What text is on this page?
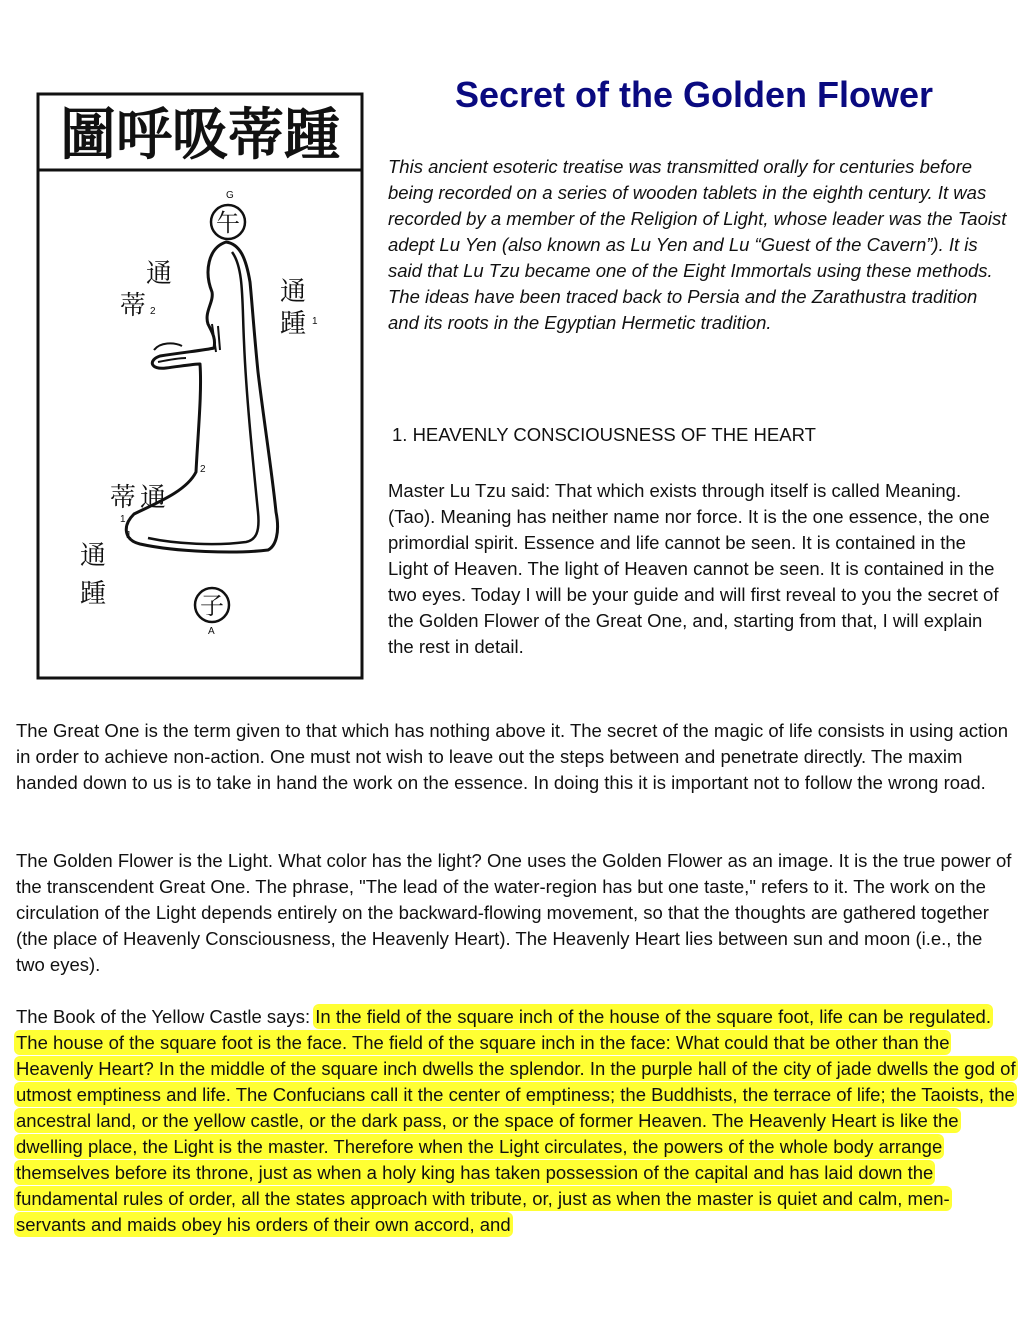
圖呼吸蒂踵
G
午
通
蒂 2
通
踵 1
蒂 通
2
1
通
踵
1
子
A
Secret of the Golden Flower

This ancient esoteric treatise was transmitted orally for centuries before being recorded on a series of wooden tablets in the eighth century. It was recorded by a member of the Religion of Light, whose leader was the Taoist adept Lu Yen (also known as Lu Yen and Lu “Guest of the Cavern”). It is said that Lu Tzu became one of the Eight Immortals using these methods. The ideas have been traced back to Persia and the Zarathustra tradition and its roots in the Egyptian Hermetic tradition.

1. HEAVENLY CONSCIOUSNESS OF THE HEART

Master Lu Tzu said: That which exists through itself is called Meaning. (Tao). Meaning has neither name nor force. It is the one essence, the one primordial spirit. Essence and life cannot be seen. It is contained in the Light of Heaven. The light of Heaven cannot be seen. It is contained in the two eyes. Today I will be your guide and will first reveal to you the secret of the Golden Flower of the Great One, and, starting from that, I will explain the rest in detail.

The Great One is the term given to that which has nothing above it. The secret of the magic of life consists in using action in order to achieve non-action. One must not wish to leave out the steps between and penetrate directly. The maxim handed down to us is to take in hand the work on the essence. In doing this it is important not to follow the wrong road.

The Golden Flower is the Light. What color has the light? One uses the Golden Flower as an image. It is the true power of the transcendent Great One. The phrase, "The lead of the water-region has but one taste," refers to it. The work on the circulation of the Light depends entirely on the backward-flowing movement, so that the thoughts are gathered together (the place of Heavenly Consciousness, the Heavenly Heart). The Heavenly Heart lies between sun and moon (i.e., the two eyes).

The Book of the Yellow Castle says: In the field of the square inch of the house of the square foot, life can be regulated. The house of the square foot is the face. The field of the square inch in the face: What could that be other than the Heavenly Heart? In the middle of the square inch dwells the splendor. In the purple hall of the city of jade dwells the god of utmost emptiness and life. The Confucians call it the center of emptiness; the Buddhists, the terrace of life; the Taoists, the ancestral land, or the yellow castle, or the dark pass, or the space of former Heaven. The Heavenly Heart is like the dwelling place, the Light is the master. Therefore when the Light circulates, the powers of the whole body arrange themselves before its throne, just as when a holy king has taken possession of the capital and has laid down the fundamental rules of order, all the states approach with tribute, or, just as when the master is quiet and calm, men-servants and maids obey his orders of their own accord, and
